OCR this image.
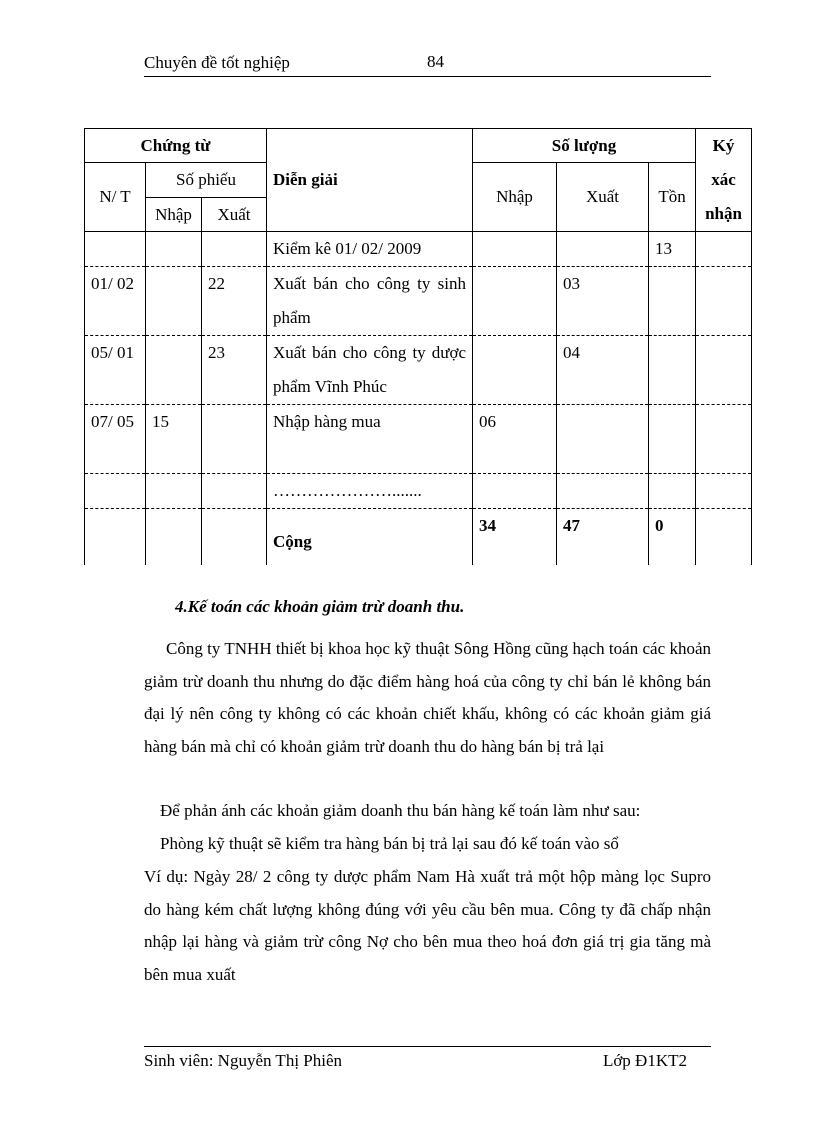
Chuyên đề tốt nghiệp	84
Chứng từ			Diễn giải	Số lượng			Ký xác nhận
N/ T	Số phiếu			Nhập	Xuất	Tồn	
	Nhập	Xuất					
			Kiểm kê 01/ 02/ 2009			13	
01/ 02		22	Xuất bán cho công ty sinh phẩm		03		
05/ 01		23	Xuất bán cho công ty dược phẩm Vĩnh Phúc		04		
07/ 05	15		Nhập hàng mua	06			
			………………….......				
			Cộng	34	47	0	
4.Kế toán các khoản giảm trừ doanh thu.
Công ty TNHH thiết bị khoa học kỹ thuật Sông Hồng cũng hạch toán các khoản giảm trừ doanh thu nhưng do đặc điểm hàng hoá của công ty chỉ bán lẻ không bán đại lý nên công ty không có các khoản chiết khấu, không có các khoản giảm giá hàng bán mà chỉ có khoản giảm trừ doanh thu do hàng bán bị trả lại
Để phản ánh các khoản giảm doanh thu bán hàng kế toán làm như sau:
Phòng kỹ thuật sẽ kiểm tra hàng bán bị trả lại sau đó kế toán vào sổ
Ví dụ: Ngày 28/ 2 công ty dược phẩm Nam Hà xuất trả một hộp màng lọc Supro do hàng kém chất lượng không đúng với yêu cầu bên mua. Công ty đã chấp nhận nhập lại hàng và giảm trừ công Nợ cho bên mua theo hoá đơn giá trị gia tăng mà bên mua xuất
Sinh viên: Nguyễn Thị Phiên	Lớp Đ1KT2
